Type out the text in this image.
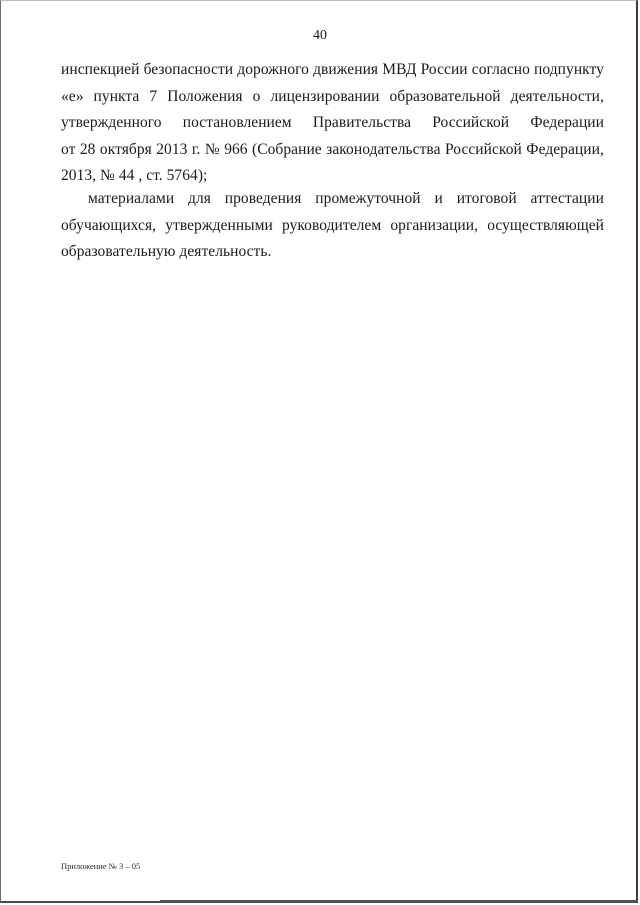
40
инспекцией безопасности дорожного движения МВД России согласно подпункту
«е» пункта 7 Положения о лицензировании образовательной деятельности,
утвержденного постановлением Правительства Российской Федерации
от 28 октября 2013 г. № 966 (Собрание законодательства Российской Федерации,
2013, № 44 , ст. 5764);
материалами для проведения промежуточной и итоговой аттестации
обучающихся, утвержденными руководителем организации, осуществляющей
образовательную деятельность.
Приложение № 3 – 05
